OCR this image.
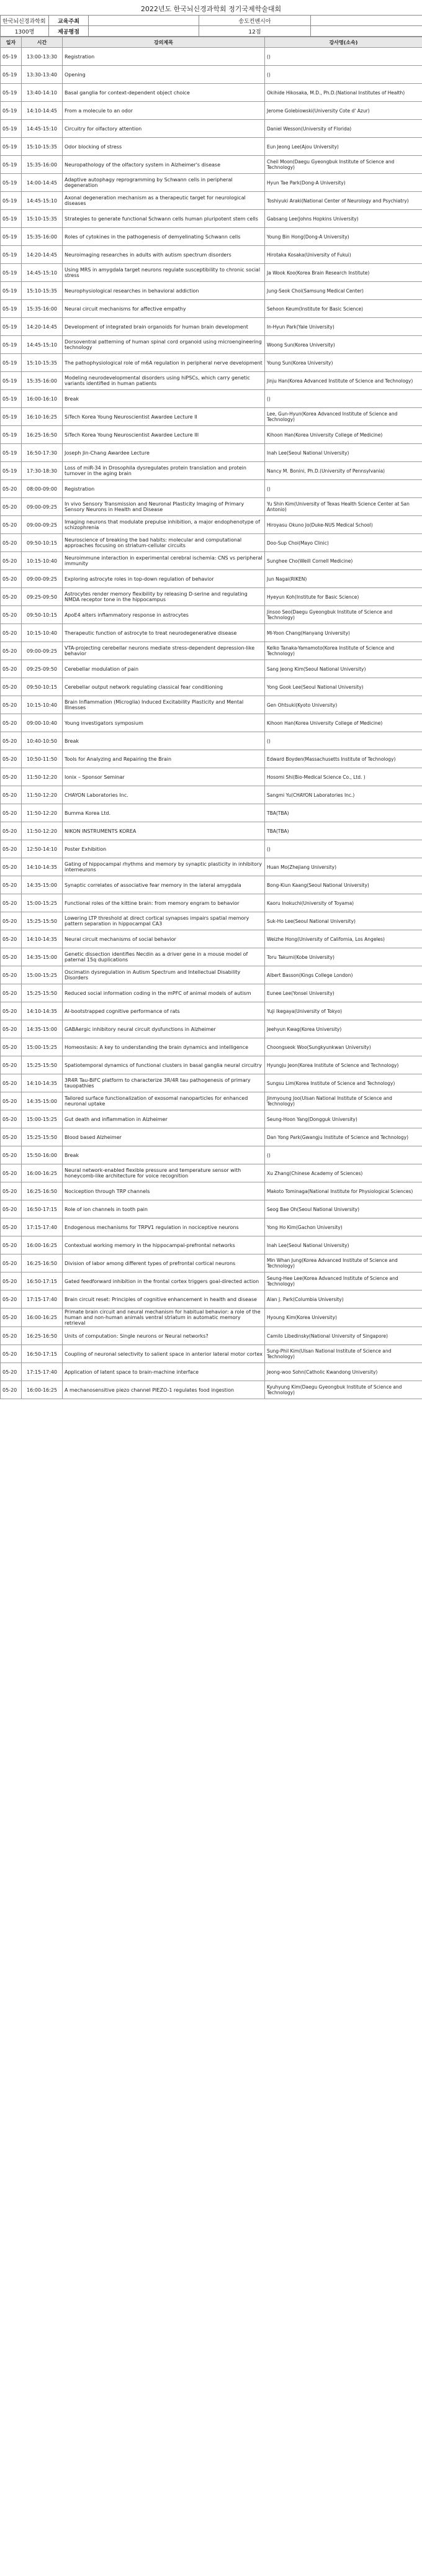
2022년도 한국뇌신경과학회 정기국제학술대회
한국뇌신경과학회	교육주최		송도컨벤시아	
1300명	제공평점		12점	
일자	시간	강의제목	강사명(소속)
05-19	13:00-13:30	Registration	()
05-19	13:30-13:40	Opening	()
05-19	13:40-14:10	Basal ganglia for context-dependent object choice	Okihide Hikosaka, M.D., Ph.D.(National Institutes of Health)
05-19	14:10-14:45	From a molecule to an odor	Jerome Golebiowski(University Cote d' Azur)
05-19	14:45-15:10	Circuitry for olfactory attention	Daniel Wesson(University of Florida)
05-19	15:10-15:35	Odor blocking of stress	Eun Jeong Lee(Ajou University)
05-19	15:35-16:00	Neuropathology of the olfactory system in Alzheimer's disease	Cheil Moon(Daegu Gyeongbuk Institute of Science and Technology)
05-19	14:00-14:45	Adaptive autophagy reprogramming by Schwann cells in peripheral degeneration	Hyun Tae Park(Dong-A University)
05-19	14:45-15:10	Axonal degeneration mechanism as a therapeutic target for neurological diseases	Toshiyuki Araki(National Center of Neurology and Psychiatry)
05-19	15:10-15:35	Strategies to generate functional Schwann cells human pluripotent stem cells	Gabsang Lee(Johns Hopkins University)
05-19	15:35-16:00	Roles of cytokines in the pathogenesis of demyelinating Schwann cells	Young Bin Hong(Dong-A University)
05-19	14:20-14:45	Neuroimaging researches in adults with autism spectrum disorders	Hirotaka Kosaka(University of Fukui)
05-19	14:45-15:10	Using MRS in amygdala target neurons regulate susceptibility to chronic social stress	Ja Wook Koo(Korea Brain Research Institute)
05-19	15:10-15:35	Neurophysiological researches in behavioral addiction	Jung-Seok Choi(Samsung Medical Center)
05-19	15:35-16:00	Neural circuit mechanisms for affective empathy	Sehoon Keum(Institute for Basic Science)
05-19	14:20-14:45	Development of integrated brain organoids for human brain development	In-Hyun Park(Yale University)
05-19	14:45-15:10	Dorsoventral patterning of human spinal cord organoid using microengineering technology	Woong Sun(Korea University)
05-19	15:10-15:35	The pathophysiological role of m6A regulation in peripheral nerve development	Young Sun(Korea University)
05-19	15:35-16:00	Modeling neurodevelopmental disorders using hiPSCs, which carry genetic variants identified in human patients	Jinju Han(Korea Advanced Institute of Science and Technology)
05-19	16:00-16:10	Break	()
05-19	16:10-16:25	SiTech Korea Young Neuroscientist Awardee Lecture II	Lee, Gun-Hyun(Korea Advanced Institute of Science and Technology)
05-19	16:25-16:50	SiTech Korea Young Neuroscientist Awardee Lecture III	Kihoon Han(Korea University College of Medicine)
05-19	16:50-17:30	Joseph Jin-Chang Awardee Lecture	Inah Lee(Seoul National University)
05-19	17:30-18:30	Loss of miR-34 in Drosophila dysregulates protein translation and protein turnover in the aging brain	Nancy M. Bonini, Ph.D.(University of Pennsylvania)
05-20	08:00-09:00	Registration	()
05-20	09:00-09:25	In vivo Sensory Transmission and Neuronal Plasticity Imaging of Primary Sensory Neurons in Health and Disease	Yu Shin Kim(University of Texas Health Science Center at San Antonio)
05-20	09:00-09:25	Imaging neurons that modulate prepulse inhibition, a major endophenotype of schizophrenia	Hiroyasu Okuno Jo(Duke-NUS Medical School)
05-20	09:50-10:15	Neuroscience of breaking the bad habits: molecular and computational approaches focusing on striatum-cellular circuits	Doo-Sup Choi(Mayo Clinic)
05-20	10:15-10:40	Neuroimmune interaction in experimental cerebral ischemia: CNS vs peripheral immunity	Sunghee Cho(Weill Cornell Medicine)
05-20	09:00-09:25	Exploring astrocyte roles in top-down regulation of behavior	Jun Nagai(RIKEN)
05-20	09:25-09:50	Astrocytes render memory flexibility by releasing D-serine and regulating NMDA receptor tone in the hippocampus	Hyeyun Koh(Institute for Basic Science)
05-20	09:50-10:15	ApoE4 alters inflammatory response in astrocytes	Jinsoo Seo(Daegu Gyeongbuk Institute of Science and Technology)
05-20	10:15-10:40	Therapeutic function of astrocyte to treat neurodegenerative disease	Mi-Yoon Chang(Hanyang University)
05-20	09:00-09:25	VTA-projecting cerebellar neurons mediate stress-dependent depression-like behavior	Kelko Tanaka-Yamamoto(Korea Institute of Science and Technology)
05-20	09:25-09:50	Cerebellar modulation of pain	Sang Jeong Kim(Seoul National University)
05-20	09:50-10:15	Cerebellar output network regulating classical fear conditioning	Yong Gook Lee(Seoul National University)
05-20	10:15-10:40	Brain Inflammation (Microglia) Induced Excitability Plasticity and Mental Illnesses	Gen Ohtsuki(Kyoto University)
05-20	09:00-10:40	Young investigators symposium	Kihoon Han(Korea University College of Medicine)
05-20	10:40-10:50	Break	()
05-20	10:50-11:50	Tools for Analyzing and Repairing the Brain	Edward Boyden(Massachusetts Institute of Technology)
05-20	11:50-12:20	Ionix – Sponsor Seminar	Hosomi Shi(Bio-Medical Science Co., Ltd. )
05-20	11:50-12:20	CHAYON Laboratories Inc.	Sangmi Yu(CHAYON Laboratories Inc.)
05-20	11:50-12:20	Bumma Korea Ltd.	TBA(TBA)
05-20	11:50-12:20	NIKON INSTRUMENTS KOREA	TBA(TBA)
05-20	12:50-14:10	Poster Exhibition	()
05-20	14:10-14:35	Gating of hippocampal rhythms and memory by synaptic plasticity in inhibitory interneurons	Huan Mo(Zhejiang University)
05-20	14:35-15:00	Synaptic correlates of associative fear memory in the lateral amygdala	Bong-Kiun Kaang(Seoul National University)
05-20	15:00-15:25	Functional roles of the kittine brain: from memory engram to behavior	Kaoru Inokuchi(University of Toyama)
05-20	15:25-15:50	Lowering LTP threshold at direct cortical synapses impairs spatial memory pattern separation in hippocampal CA3	Suk-Ho Lee(Seoul National University)
05-20	14:10-14:35	Neural circuit mechanisms of social behavior	Weizhe Hong(University of California, Los Angeles)
05-20	14:35-15:00	Genetic dissection identifies Necdin as a driver gene in a mouse model of paternal 15q duplications	Toru Takumi(Kobe University)
05-20	15:00-15:25	Oscimatin dysregulation in Autism Spectrum and Intellectual Disability Disorders	Albert Basson(Kings College London)
05-20	15:25-15:50	Reduced social information coding in the mPFC of animal models of autism	Eunee Lee(Yonsei University)
05-20	14:10-14:35	AI-bootstrapped cognitive performance of rats	Yuji Ikegaya(University of Tokyo)
05-20	14:35-15:00	GABAergic inhibitory neural circuit dysfunctions in Alzheimer	Jeehyun Kwag(Korea University)
05-20	15:00-15:25	Homeostasis: A key to understanding the brain dynamics and intelligence	Choongseok Woo(Sungkyunkwan University)
05-20	15:25-15:50	Spatiotemporal dynamics of functional clusters in basal ganglia neural circuitry	Hyungju Jeon(Korea Institute of Science and Technology)
05-20	14:10-14:35	3R4R Tau-BiFC platform to characterize 3R/4R tau pathogenesis of primary tauopathies	Sungsu Lim(Korea Institute of Science and Technology)
05-20	14:35-15:00	Tailored surface functionalization of exosomal nanoparticles for enhanced neuronal uptake	Jinmyoung Joo(Ulsan National Institute of Science and Technology)
05-20	15:00-15:25	Gut death and inflammation in Alzheimer	Seung-Hoon Yang(Dongguk University)
05-20	15:25-15:50	Blood based Alzheimer	Dan Yong Park(Gwangju Institute of Science and Technology)
05-20	15:50-16:00	Break	()
05-20	16:00-16:25	Neural network-enabled flexible pressure and temperature sensor with honeycomb-like architecture for voice recognition	Xu Zhang(Chinese Academy of Sciences)
05-20	16:25-16:50	Nociception through TRP channels	Makoto Tominaga(National Institute for Physiological Sciences)
05-20	16:50-17:15	Role of ion channels in tooth pain	Seog Bae Oh(Seoul National University)
05-20	17:15-17:40	Endogenous mechanisms for TRPV1 regulation in nociceptive neurons	Yong Ho Kim(Gachon University)
05-20	16:00-16:25	Contextual working memory in the hippocampal-prefrontal networks	Inah Lee(Seoul National University)
05-20	16:25-16:50	Division of labor among different types of prefrontal cortical neurons	Min Whan Jung(Korea Advanced Institute of Science and Technology)
05-20	16:50-17:15	Gated feedforward inhibition in the frontal cortex triggers goal-directed action	Seung-Hee Lee(Korea Advanced Institute of Science and Technology)
05-20	17:15-17:40	Brain circuit reset: Principles of cognitive enhancement in health and disease	Alan J. Park(Columbia University)
05-20	16:00-16:25	Primate brain circuit and neural mechanism for habitual behavior: a role of the human and non-human animals ventral striatum in automatic memory retrieval	Hyoung Kim(Korea University)
05-20	16:25-16:50	Units of computation: Single neurons or Neural networks?	Camilo Libedinsky(National University of Singapore)
05-20	16:50-17:15	Coupling of neuronal selectivity to salient space in anterior lateral motor cortex	Sung-Phil Kim(Ulsan National Institute of Science and Technology)
05-20	17:15-17:40	Application of latent space to brain-machine interface	Jeong-woo Sohn(Catholic Kwandong University)
05-20	16:00-16:25	A mechanosensitive piezo channel PIEZO-1 regulates food ingestion	Kyuhyung Kim(Daegu Gyeongbuk Institute of Science and Technology)
